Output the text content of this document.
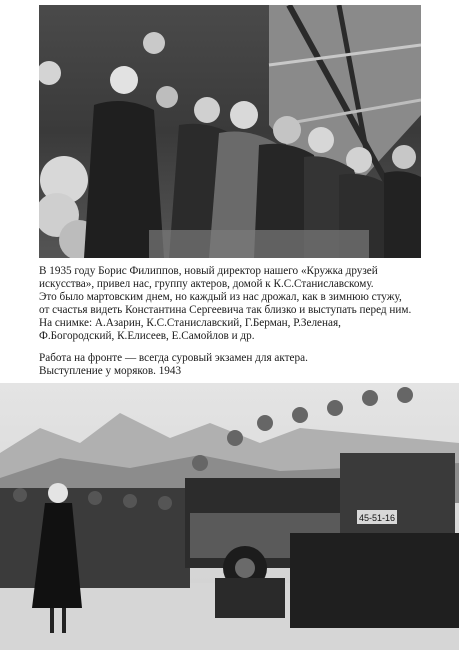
В 1935 году Борис Филиппов, новый директор нашего «Кружка друзей
искусства», привел нас, группу актеров, домой к К.С.Станиславскому.
Это было мартовским днем, но каждый из нас дрожал, как в зимнюю стужу,
от счастья видеть Константина Сергеевича так близко и выступать перед ним.
На снимке: А.Азарин, К.С.Станиславский, Г.Берман, Р.Зеленая,
Ф.Богородский, К.Елисеев, Е.Самойлов и др.
Работа на фронте — всегда суровый экзамен для актера.
Выступление у моряков. 1943
45-51-16
